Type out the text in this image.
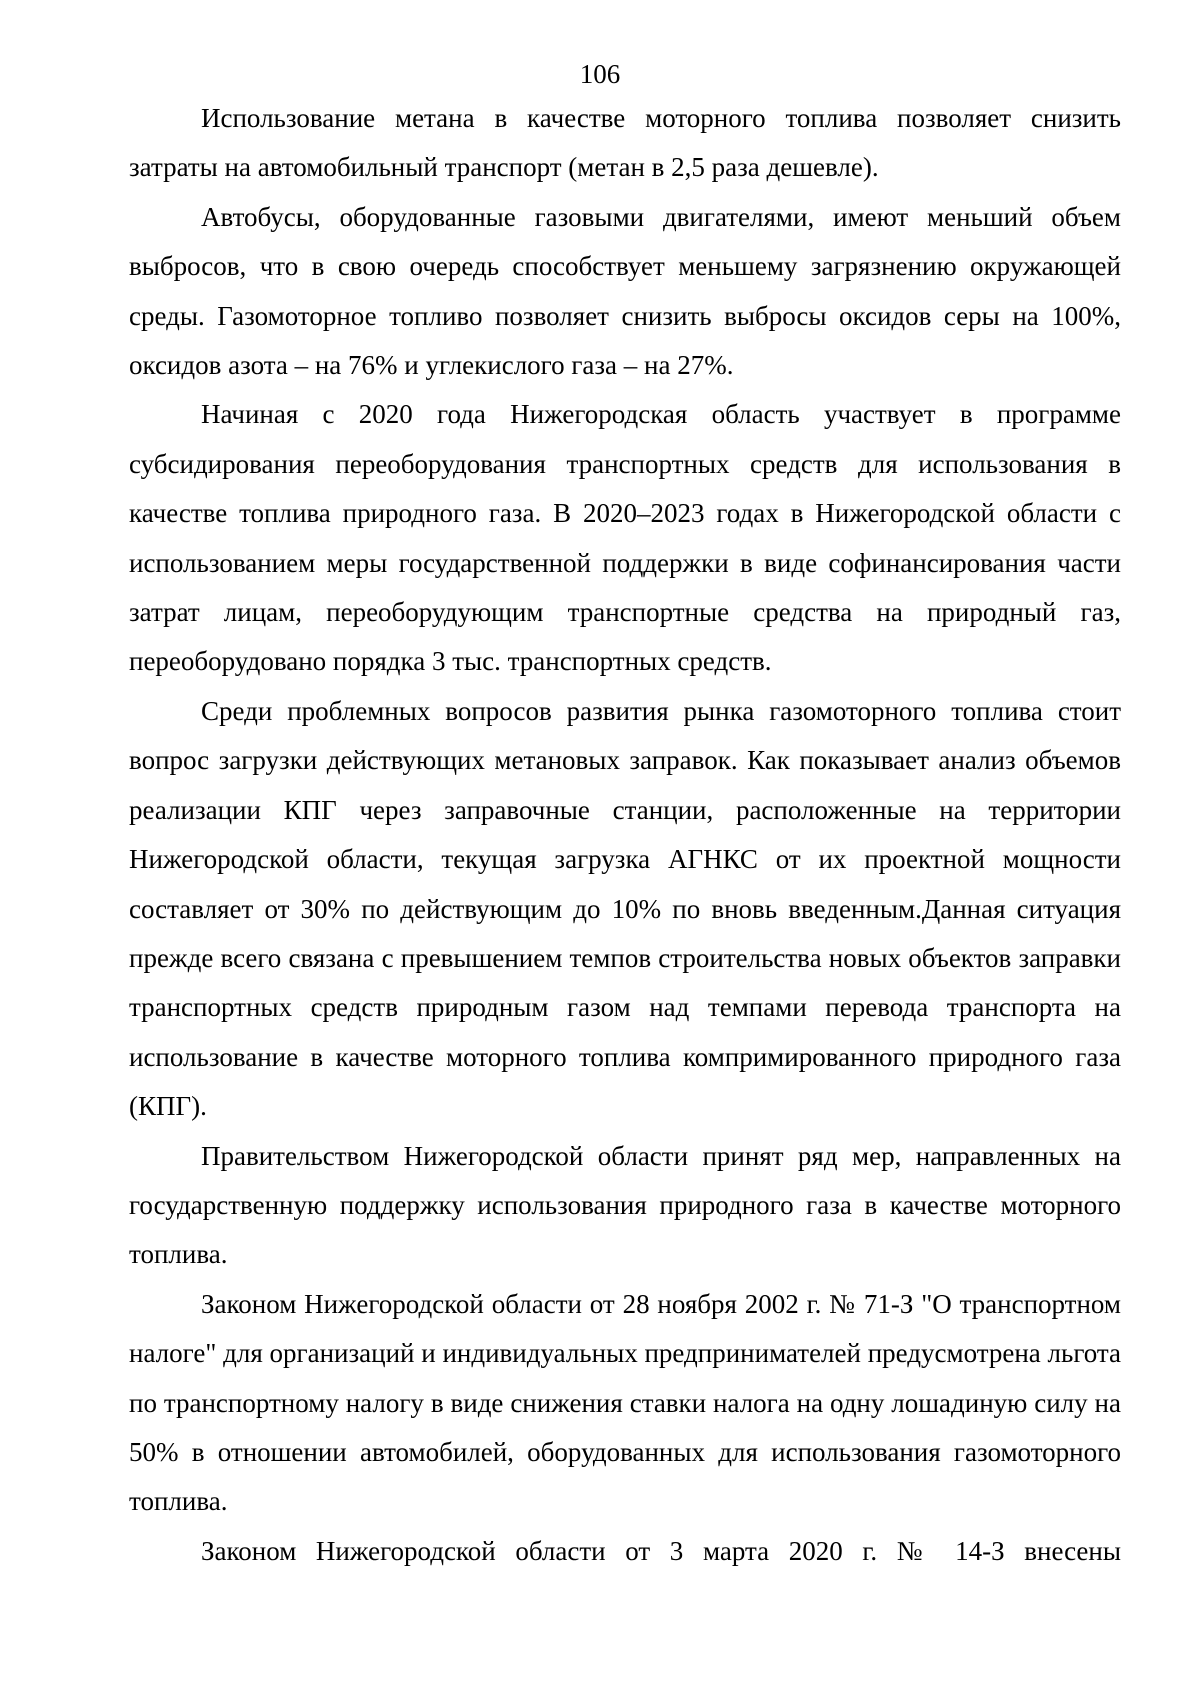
106

Использование метана в качестве моторного топлива позволяет снизить затраты на автомобильный транспорт (метан в 2,5 раза дешевле).

Автобусы, оборудованные газовыми двигателями, имеют меньший объем выбросов, что в свою очередь способствует меньшему загрязнению окружающей среды. Газомоторное топливо позволяет снизить выбросы оксидов серы на 100%, оксидов азота – на 76% и углекислого газа – на 27%.

Начиная с 2020 года Нижегородская область участвует в программе субсидирования переоборудования транспортных средств для использования в качестве топлива природного газа. В 2020–2023 годах в Нижегородской области с использованием меры государственной поддержки в виде софинансирования части затрат лицам, переоборудующим транспортные средства на природный газ, переоборудовано порядка 3 тыс. транспортных средств.

Среди проблемных вопросов развития рынка газомоторного топлива стоит вопрос загрузки действующих метановых заправок. Как показывает анализ объемов реализации КПГ через заправочные станции, расположенные на территории Нижегородской области, текущая загрузка АГНКС от их проектной мощности составляет от 30% по действующим до 10% по вновь введенным.Данная ситуация прежде всего связана с превышением темпов строительства новых объектов заправки транспортных средств природным газом над темпами перевода транспорта на использование в качестве моторного топлива компримированного природного газа (КПГ).

Правительством Нижегородской области принят ряд мер, направленных на государственную поддержку использования природного газа в качестве моторного топлива.

Законом Нижегородской области от 28 ноября 2002 г. № 71-З "О транспортном налоге" для организаций и индивидуальных предпринимателей предусмотрена льгота по транспортному налогу в виде снижения ставки налога на одну лошадиную силу на 50% в отношении автомобилей, оборудованных для использования газомоторного топлива.

Законом Нижегородской области от 3 марта 2020 г. № 14-З внесены
